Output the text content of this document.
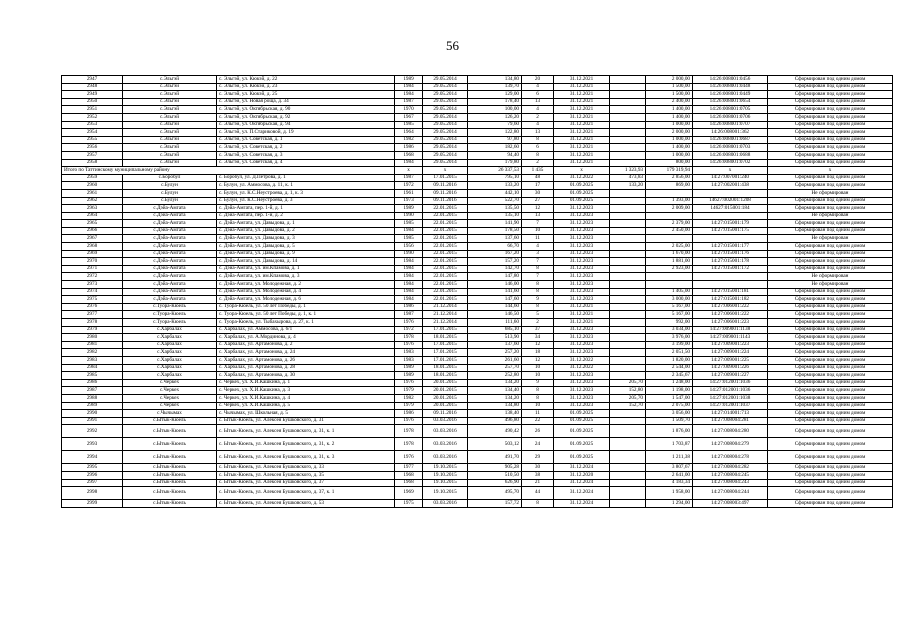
56
2947	с.Эльгэй	с. Эльгэй, ул. Кюкэй, д. 22	1989	29.05.2014	134,80	20	31.12.2021		2 000,00	14:26:008001:0456	Сформирован под одним домом
2948	с.Эльгэй	с. Эльгэй, ул. Кюкэй, д. 23	1984	29.05.2014	139,70	4	31.12.2021		1 500,00	14:26:008001:0448	Сформирован под одним домом
2949	с.Эльгэй	с. Эльгэй, ул. Кюкэй, д. 25	1984	29.05.2014	129,00	6	31.12.2021		1 500,00	14:26:008001:0449	Сформирован под одним домом
2950	с.Эльгэй	с. Эльгэй, ул. Новая роща, д. 34	1987	29.05.2014	178,40	13	31.12.2021		2 400,00	14:26:008001:0654	Сформирован под одним домом
2951	с.Эльгэй	с. Эльгэй, ул. Октябрьская, д. 90	1970	29.05.2014	100,00	4	31.12.2021		1 400,00	14:26:008001:0705	Сформирован под одним домом
2952	с.Эльгэй	с. Эльгэй, ул. Октябрьская, д. 92	1967	29.05.2014	126,20	2	31.12.2021		1 400,00	14:26:008001:0706	Сформирован под одним домом
2953	с.Эльгэй	с. Эльгэй, ул. Октябрьская, д. 94	1985	29.05.2014	79,60	4	31.12.2021		1 000,00	14:26:008001:0707	Сформирован под одним домом
2954	с.Эльгэй	с. Эльгэй, ул. П.Стариковой, д. 19	1964	29.05.2014	122,80	13	31.12.2021		2 000,00	14:26:008001:362	Сформирован под одним домом
2955	с.Эльгэй	с. Эльгэй, ул. Советская, д. 1	1982	29.05.2014	97,80	8	31.12.2021		1 000,00	14:26:008001:0687	Сформирован под одним домом
2956	с.Эльгэй	с. Эльгэй, ул. Советская, д. 2	1986	29.05.2014	182,60	6	31.12.2021		1 400,00	14:26:008001:0703	Сформирован под одним домом
2957	с.Эльгэй	с. Эльгэй, ул. Советская, д. 3	1968	29.05.2014	94,40	8	31.12.2021		1 000,00	14:26:008001:0688	Сформирован под одним домом
2958	с.Эльгэй	с. Эльгэй, ул. Советская, д. 4	1984	29.05.2014	179,80	2	31.12.2021		800,00	14:26:008001:0702	Сформирован под одним домом
Итого по Таттинскому муниципальному району			х	х	26 337,53	1 435	х	1 323,93	179 319,94	х	х
2959	с.Боробул	с. Боробул, ул. Д.Петрова, д. 1	1987	17.01.2015	795,10	48	31.12.2022	473,83	2 856,00	14:27:007001:240	Сформирован под одним домом
2960	с.Булун	с. Булун, ул. Аммосова, д. 11, к. 1	1972	09.11.2016	133,20	17	01.09.2025	133,20	869,00	14:27:002001:438	Сформирован под одним домом
2961	с.Булун	с. Булун, ул. К.С.Неустроева, д. 1, к. 3	1961	09.11.2016	442,10	30	01.09.2025				Не сформирован
2962	с.Булун	с. Булун, ул. К.С.Неустроева, д. 3	1973	09.11.2016	522,70	27	01.09.2025		1 393,00	14627:002001:1208	Сформирован под одним домом
2963	с.Дэйа-Амгата	с. Дэйа-Амгата, пер. 1-й, д. 1	1989	22.01.2015	135,50	12	31.12.2023		2 009,00	14627:015001:184	Сформирован под одним домом
2964	с.Дэйа-Амгата	с. Дэйа-Амгата, пер. 1-й, д. 2	1990	22.01.2015	135,10	13	31.12.2023				Не сформирован
2965	с.Дэйа-Амгата	с. Дэйа-Амгата, ул. Давыдова, д. 1	1985	22.01.2015	141,90	7	31.12.2023		2 379,00	14:27:015001:179	Сформирован под одним домом
2966	с.Дэйа-Амгата	с. Дэйа-Амгата, ул. Давыдова, д. 2	1984	22.01.2015	178,50	10	31.12.2023		2 450,00	14:27:015001:175	Сформирован под одним домом
2967	с.Дэйа-Амгата	с. Дэйа-Амгата, ул. Давыдова, д. 3	1985	22.01.2015	137,60	11	31.12.2023				Не сформирован
2968	с.Дэйа-Амгата	с. Дэйа-Амгата, ул. Давыдова, д. 5	1956	22.01.2015	66,70	4	31.12.2023		2 025,00	14:27:015001:177	Сформирован под одним домом
2969	с.Дэйа-Амгата	с. Дэйа-Амгата, ул. Давыдова, д. 9	1990	22.01.2015	167,20	3	31.12.2023		1 670,00	14:27:015001:176	Сформирован под одним домом
2970	с.Дэйа-Амгата	с. Дэйа-Амгата, ул. Давыдова, д. 14	1984	22.01.2015	157,20	7	31.12.2023		1 881,00	14:27:015001:178	Сформирован под одним домом
2971	с.Дэйа-Амгата	с. Дэйа-Амгата, ул. им.Кпамова, д. 1	1984	22.01.2015	142,70	8	31.12.2023		2 923,00	14:27:015001:172	Сформирован под одним домом
2972	с.Дэйа-Амгата	с. Дэйа-Амгата, ул. им.Кпамова, д. 3	1984	22.01.2015	147,80	7	31.12.2023				Не сформирован
2973	с.Дэйа-Амгата	с. Дэйа-Амгата, ул. Молодежная, д. 2	1984	22.01.2015	146,00	8	31.12.2023				Не сформирован
2974	с.Дэйа-Амгата	с. Дэйа-Амгата, ул. Молодежная, д. 4	1984	22.01.2015	141,60	8	31.12.2023		1 405,00	14:27:015001:181	Сформирован под одним домом
2975	с.Дэйа-Амгата	с. Дэйа-Амгата, ул. Молодежная, д. 6	1984	22.01.2015	147,60	9	31.12.2023		3 000,00	14:27:015001:182	Сформирован под одним домом
2976	с.Туора-Кюель	с. Туора-Кюель, ул. 50 лет Победы, д. 1	1986	21.12.2014	144,60	8	31.12.2021		5 167,00	14:27:006001:222	Сформирован под одним домом
2977	с.Туора-Кюель	с. Туора-Кюель, ул. 50 лет Победы, д. 1, к. 1	1987	21.12.2014	146,50	5	31.12.2021		5 167,00	14:27:006001:222	Сформирован под одним домом
2978	с.Туора-Кюель	с. Туора-Кюель, ул. Тыбахырова, д. 27, к. 1	1976	21.12.2014	111,60	2	31.12.2021		992,00	14:27:006001:223	Сформирован под одним домом
2979	с.Харбалах	с. Харбалах, ул. Аммосова, д. 6/1	1972	17.01.2015	685,10	37	31.12.2023		3 034,00	14:27:009001:1138	Сформирован под одним домом
2980	с.Харбалах	с. Харбалах, ул. А.Мординова, д. 4	1978	18.01.2015	513,90	34	31.12.2023		3 976,00	14:27:009001:1143	Сформирован под одним домом
2981	с.Харбалах	с. Харбалах, ул. Артамонова, д. 2	1976	17.01.2015	137,60	12	31.12.2023		3 199,00	14:27:009001:223	Сформирован под одним домом
2982	с.Харбалах	с. Харбалах, ул. Артамонова, д. 24	1983	17.01.2015	257,20	18	31.12.2023		2 051,50	14:27:009001:224	Сформирован под одним домом
2983	с.Харбалах	с. Харбалах, ул. Артамонова, д. 26	1983	17.01.2015	261,60	12	31.12.2022		1 820,00	14:27:009001:225	Сформирован под одним домом
2984	с.Харбалах	с. Харбалах, ул. Артамонова, д. 28	1989	18.01.2015	257,70	10	31.12.2022		2 544,00	14:27:009001:226	Сформирован под одним домом
2985	с.Харбалах	с. Харбалах, ул. Артамонова, д. 30	1989	18.01.2015	252,80	10	31.12.2023		2 345,67	14:27:009001:227	Сформирован под одним домом
2986	с.Черкех	с. Черкех, ул. Х.И.Кашкина, д. 1	1976	20.01.2015	134,20	9	31.12.2023	205,70	1 248,00	14:27:012001:1036	Сформирован под одним домом
2987	с.Черкех	с. Черкех, ул. Х.И.Кашкина, д. 3	1979	20.01.2015	134,40	8	31.12.2023	152,80	1 198,00	14:27:012001:1036	Сформирован под одним домом
2988	с.Черкех	с. Черкех, ул. Х.И.Кашкина, д. 4	1982	20.01.2015	134,20	8	31.12.2023	205,70	1 547,00	14:27:012001:1038	Сформирован под одним домом
2989	с.Черкех	с. Черкех, ул. Х.И.Кашкина, д. 5	1979	20.01.2015	134,80	10	31.12.2023	152,70	2 075,00	14:27:012001:1037	Сформирован под одним домом
2990	с.Чычымах	с. Чычымах, ул. Школьная, д. 5	1986	09.11.2016	138,40	11	01.09.2025		3 056,00	14:27:014001:713	Сформирован под одним домом
2991	с.Ытык-Кюель	с. Ытык-Кюель, ул. Алексея Бушковского, д. 31	1976	03.03.2016	496,80	22	01.09.2025		1 509,70	14:27:008004:281	Сформирован под одним домом
2992	с.Ытык-Кюель	с. Ытык-Кюель, ул. Алексея Бушковского, д. 31, к. 1	1978	03.03.2016	490,42	26	01.09.2025		1 876,00	14:27:008004:280	Сформирован под одним домом
2993	с.Ытык-Кюель	с. Ытык-Кюель, ул. Алексея Бушковского, д. 31, к. 2	1978	03.03.2016	503,12	24	01.09.2025		1 703,87	14:27:008004:279	Сформирован под одним домом
2994	с.Ытык-Кюель	с. Ытык-Кюель, ул. Алексея Бушковского, д. 31, к. 3	1976	03.03.2016	491,70	29	01.09.2025		1 211,38	14:27:008004:278	Сформирован под одним домом
2995	с.Ытык-Кюель	с. Ытык-Кюель, ул. Алексея Бушковского, д. 33	1977	19.10.2015	905,28	30	31.12.2024		3 807,67	14:27:008004:282	Сформирован под одним домом
2996	с.Ытык-Кюель	с. Ытык-Кюель, ул. Алексея Бушковского, д. 35	1968	19.10.2015	510,50	38	31.12.2020		2 641,00	14:27:008004:245	Сформирован под одним домом
2997	с.Ытык-Кюель	с. Ытык-Кюель, ул. Алексея Бушковского, д. 37	1968	19.10.2015	626,90	21	31.12.2024		4 183,34	14:27:008004:243	Сформирован под одним домом
2998	с.Ытык-Кюель	с. Ытык-Кюель, ул. Алексея Бушковского, д. 37, к. 1	1969	19.10.2015	495,70	44	31.12.2024		1 958,00	14:27:008004:244	Сформирован под одним домом
2999	с.Ытык-Кюель	с. Ытык-Кюель, ул. Алексея Бушковского, д. 53	1975	03.03.2016	157,72	8	31.12.2024		1 294,00	14:27:008003:497	Сформирован под одним домом
